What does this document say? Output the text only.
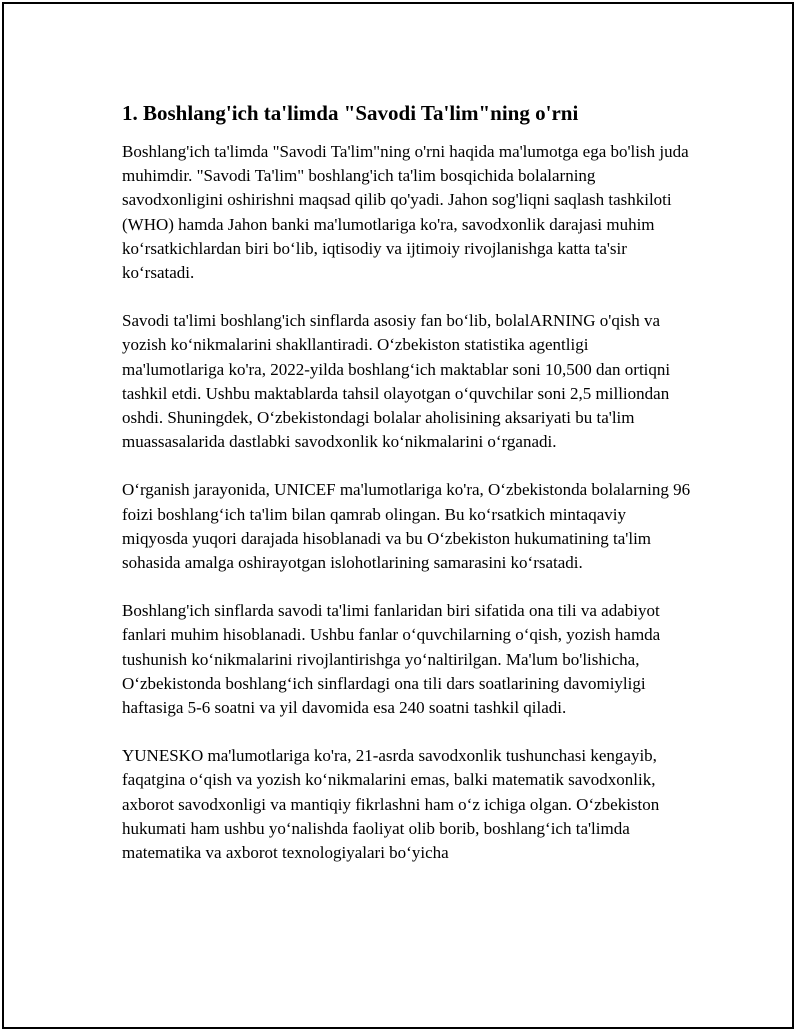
1. Boshlang'ich ta'limda "Savodi Ta'lim"ning o'rni

Boshlang'ich ta'limda "Savodi Ta'lim"ning o'rni haqida ma'lumotga ega bo'lish juda muhimdir. "Savodi Ta'lim" boshlang'ich ta'lim bosqichida bolalarning savodxonligini oshirishni maqsad qilib qo'yadi. Jahon sog'liqni saqlash tashkiloti (WHO) hamda Jahon banki ma'lumotlariga ko'ra, savodxonlik darajasi muhim ko‘rsatkichlardan biri bo‘lib, iqtisodiy va ijtimoiy rivojlanishga katta ta'sir ko‘rsatadi.

Savodi ta'limi boshlang'ich sinflarda asosiy fan bo‘lib, bolalARNING o'qish va yozish ko‘nikmalarini shakllantiradi. O‘zbekiston statistika agentligi ma'lumotlariga ko'ra, 2022-yilda boshlang‘ich maktablar soni 10,500 dan ortiqni tashkil etdi. Ushbu maktablarda tahsil olayotgan o‘quvchilar soni 2,5 milliondan oshdi. Shuningdek, O‘zbekistondagi bolalar aholisining aksariyati bu ta'lim muassasalarida dastlabki savodxonlik ko‘nikmalarini o‘rganadi.

O‘rganish jarayonida, UNICEF ma'lumotlariga ko'ra, O‘zbekistonda bolalarning 96 foizi boshlang‘ich ta'lim bilan qamrab olingan. Bu ko‘rsatkich mintaqaviy miqyosda yuqori darajada hisoblanadi va bu O‘zbekiston hukumatining ta'lim sohasida amalga oshirayotgan islohotlarining samarasini ko‘rsatadi.

Boshlang'ich sinflarda savodi ta'limi fanlaridan biri sifatida ona tili va adabiyot fanlari muhim hisoblanadi. Ushbu fanlar o‘quvchilarning o‘qish, yozish hamda tushunish ko‘nikmalarini rivojlantirishga yo‘naltirilgan. Ma'lum bo'lishicha, O‘zbekistonda boshlang‘ich sinflardagi ona tili dars soatlarining davomiyligi haftasiga 5-6 soatni va yil davomida esa 240 soatni tashkil qiladi.

YUNESKO ma'lumotlariga ko'ra, 21-asrda savodxonlik tushunchasi kengayib, faqatgina o‘qish va yozish ko‘nikmalarini emas, balki matematik savodxonlik, axborot savodxonligi va mantiqiy fikrlashni ham o‘z ichiga olgan. O‘zbekiston hukumati ham ushbu yo‘nalishda faoliyat olib borib, boshlang‘ich ta'limda matematika va axborot texnologiyalari bo‘yicha
